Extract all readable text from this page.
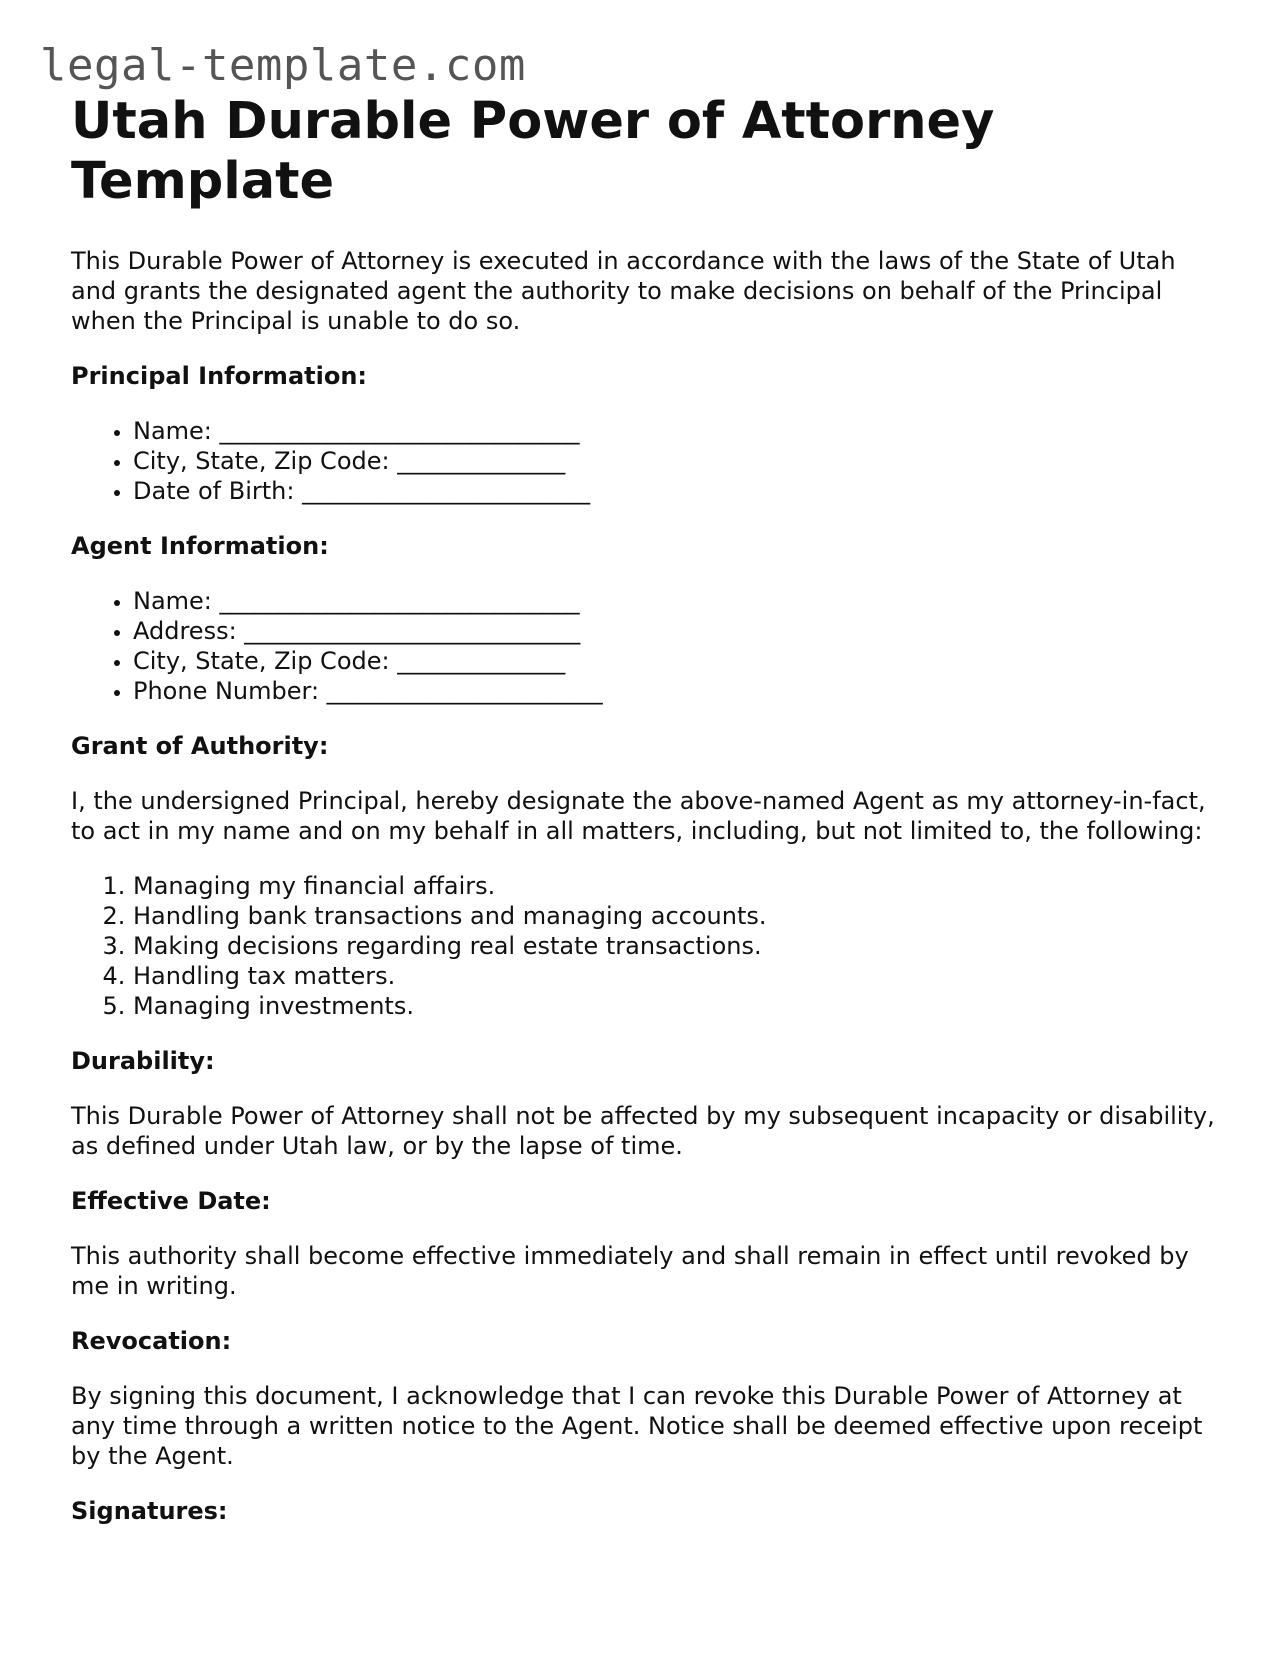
legal-template.com
Utah Durable Power of Attorney Template

This Durable Power of Attorney is executed in accordance with the laws of the State of Utah and grants the designated agent the authority to make decisions on behalf of the Principal when the Principal is unable to do so.

Principal Information:
• Name: ______________________________
• City, State, Zip Code: ______________
• Date of Birth: ________________________
Agent Information:
• Name: ______________________________
• Address: ____________________________
• City, State, Zip Code: ______________
• Phone Number: _______________________
Grant of Authority:

I, the undersigned Principal, hereby designate the above-named Agent as my attorney-in-fact, to act in my name and on my behalf in all matters, including, but not limited to, the following:

1. Managing my financial affairs.
2. Handling bank transactions and managing accounts.
3. Making decisions regarding real estate transactions.
4. Handling tax matters.
5. Managing investments.
Durability:

This Durable Power of Attorney shall not be affected by my subsequent incapacity or disability, as defined under Utah law, or by the lapse of time.

Effective Date:

This authority shall become effective immediately and shall remain in effect until revoked by me in writing.

Revocation:

By signing this document, I acknowledge that I can revoke this Durable Power of Attorney at any time through a written notice to the Agent. Notice shall be deemed effective upon receipt by the Agent.

Signatures:
